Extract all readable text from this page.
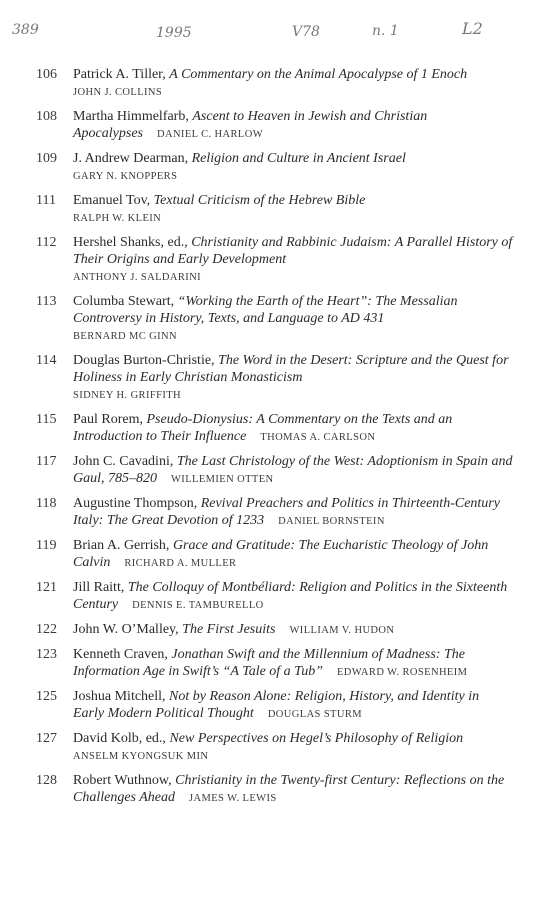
389	1995	V78	n. 1	L2
106	Patrick A. Tiller, A Commentary on the Animal Apocalypse of 1 Enoch
JOHN J. COLLINS
108	Martha Himmelfarb, Ascent to Heaven in Jewish and Christian Apocalypses DANIEL C. HARLOW
109	J. Andrew Dearman, Religion and Culture in Ancient Israel
GARY N. KNOPPERS
111	Emanuel Tov, Textual Criticism of the Hebrew Bible
RALPH W. KLEIN
112	Hershel Shanks, ed., Christianity and Rabbinic Judaism: A Parallel History of Their Origins and Early Development
ANTHONY J. SALDARINI
113	Columba Stewart, “Working the Earth of the Heart”: The Messalian Controversy in History, Texts, and Language to AD 431
BERNARD MC GINN
114	Douglas Burton-Christie, The Word in the Desert: Scripture and the Quest for Holiness in Early Christian Monasticism
SIDNEY H. GRIFFITH
115	Paul Rorem, Pseudo-Dionysius: A Commentary on the Texts and an Introduction to Their Influence THOMAS A. CARLSON
117	John C. Cavadini, The Last Christology of the West: Adoptionism in Spain and Gaul, 785–820 WILLEMIEN OTTEN
118	Augustine Thompson, Revival Preachers and Politics in Thirteenth-Century Italy: The Great Devotion of 1233 DANIEL BORNSTEIN
119	Brian A. Gerrish, Grace and Gratitude: The Eucharistic Theology of John Calvin RICHARD A. MULLER
121	Jill Raitt, The Colloquy of Montbéliard: Religion and Politics in the Sixteenth Century DENNIS E. TAMBURELLO
122	John W. O’Malley, The First Jesuits WILLIAM V. HUDON
123	Kenneth Craven, Jonathan Swift and the Millennium of Madness: The Information Age in Swift’s “A Tale of a Tub” EDWARD W. ROSENHEIM
125	Joshua Mitchell, Not by Reason Alone: Religion, History, and Identity in Early Modern Political Thought DOUGLAS STURM
127	David Kolb, ed., New Perspectives on Hegel’s Philosophy of Religion
ANSELM KYONGSUK MIN
128	Robert Wuthnow, Christianity in the Twenty-first Century: Reflections on the Challenges Ahead JAMES W. LEWIS
